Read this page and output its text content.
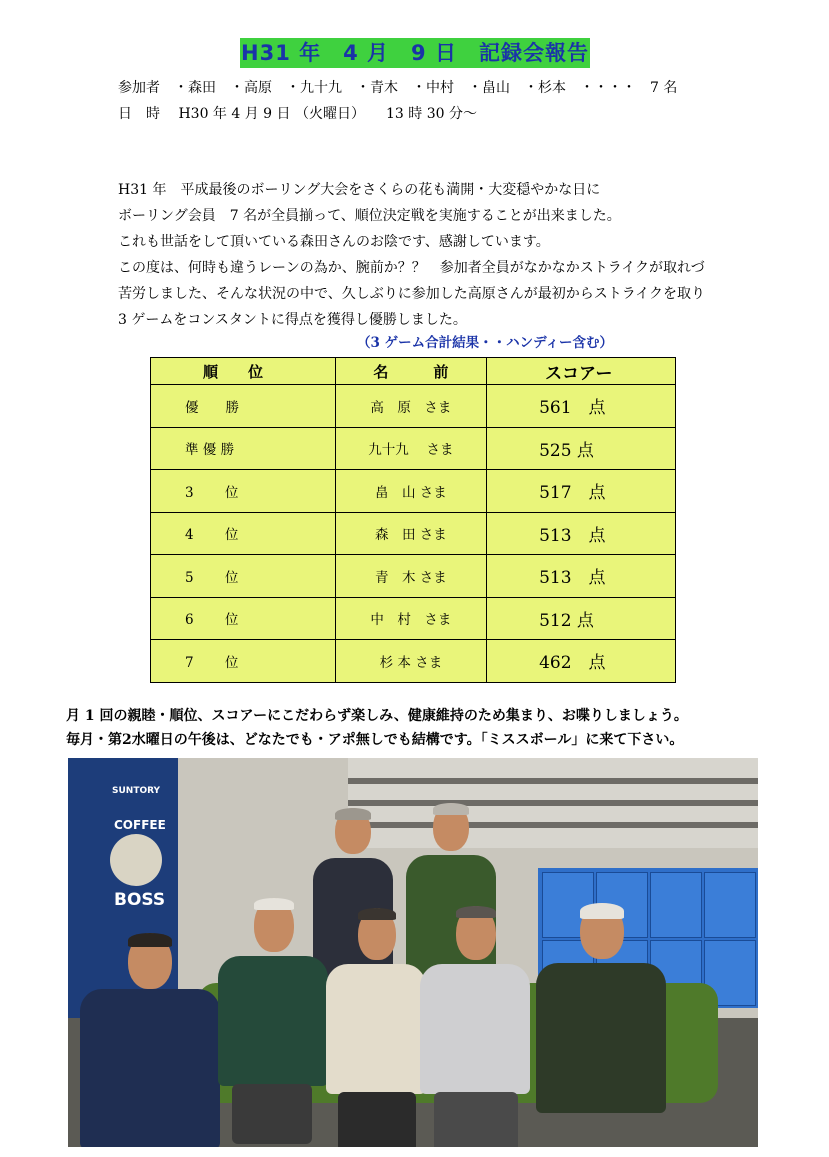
H31 年　4 月　9 日　記録会報告
参加者　・森田　・高原　・九十九　・青木　・中村　・畠山　・杉本　・・・・　7 名
日　時　 H30 年 4 月 9 日 （火曜日）　　13 時 30 分～

H31 年　平成最後のボーリング大会をさくらの花も満開・大変穏やかな日に

ボーリング会員　7 名が全員揃って、順位決定戦を実施することが出来ました。

これも世話をして頂いている森田さんのお陰です、感謝しています。

この度は、何時も違うレーンの為か、腕前か？？　参加者全員がなかなかストライクが取れづ

苦労しました、そんな状況の中で、久しぶりに参加した高原さんが最初からストライクを取り

3 ゲームをコンスタントに得点を獲得し優勝しました。

（3 ゲーム合計結果・・ハンディー含む）
順　　位	名　　　前	スコアー
優　　勝	高　原　さま	561　点
準 優 勝	九十九　 さま	525 点
3　　 位	畠　山 さま	517　点
4　　 位	森　田 さま	513　点
5　　 位	青　木 さま	513　点
6　　 位	中　村　さま	512 点
7　　 位	杉 本 さま	462　点

月 1 回の親睦・順位、スコアーにこだわらず楽しみ、健康維持のため集まり、お喋りしましょう。

毎月・第2水曜日の午後は、どなたでも・アポ無しでも結構です。「ミススボール」に来て下さい。

SUNTORY
COFFEE
BOSS
